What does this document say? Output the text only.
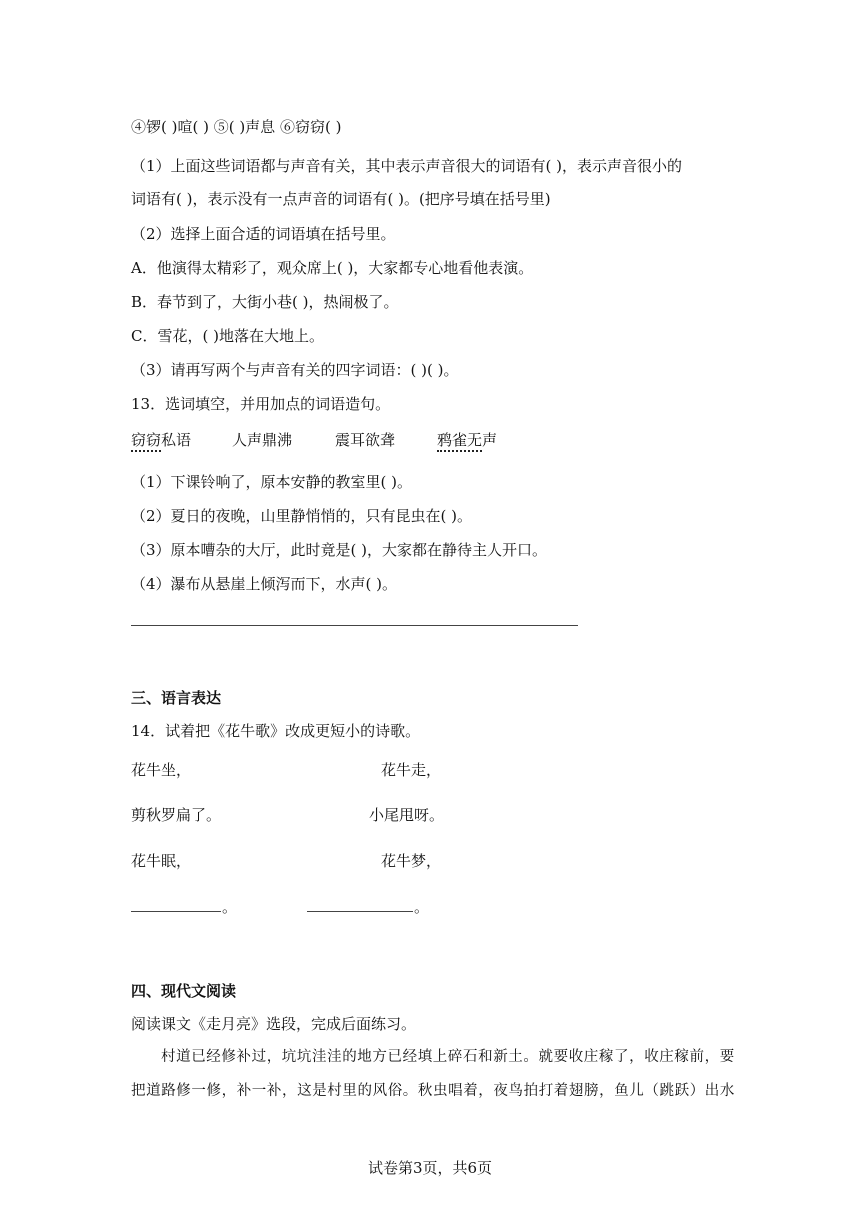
④锣( )喧( ) ⑤( )声息 ⑥窃窃( )
（1）上面这些词语都与声音有关，其中表示声音很大的词语有( )，表示声音很小的
词语有( )，表示没有一点声音的词语有( )。(把序号填在括号里)
（2）选择上面合适的词语填在括号里。
A．他演得太精彩了，观众席上( )，大家都专心地看他表演。
B．春节到了，大街小巷( )，热闹极了。
C．雪花，( )地落在大地上。
（3）请再写两个与声音有关的四字词语：( )( )。
13．选词填空，并用加点的词语造句。
窃窃私语	人声鼎沸	震耳欲聋	鸦雀无声
（1）下课铃响了，原本安静的教室里( )。
（2）夏日的夜晚，山里静悄悄的，只有昆虫在( )。
（3）原本嘈杂的大厅，此时竟是( )，大家都在静待主人开口。
（4）瀑布从悬崖上倾泻而下，水声( )。
三、语言表达
14．试着把《花牛歌》改成更短小的诗歌。
花牛坐，	花牛走，
剪秋罗扁了。	小尾甩呀。
花牛眠，	花牛梦，
。	。
四、现代文阅读
阅读课文《走月亮》选段，完成后面练习。
村道已经修补过，坑坑洼洼的地方已经填上碎石和新土。就要收庄稼了，收庄稼前，要
把道路修一修，补一补，这是村里的风俗。秋虫唱着，夜鸟拍打着翅膀，鱼儿（跳跃）出水
试卷第3页，共6页
